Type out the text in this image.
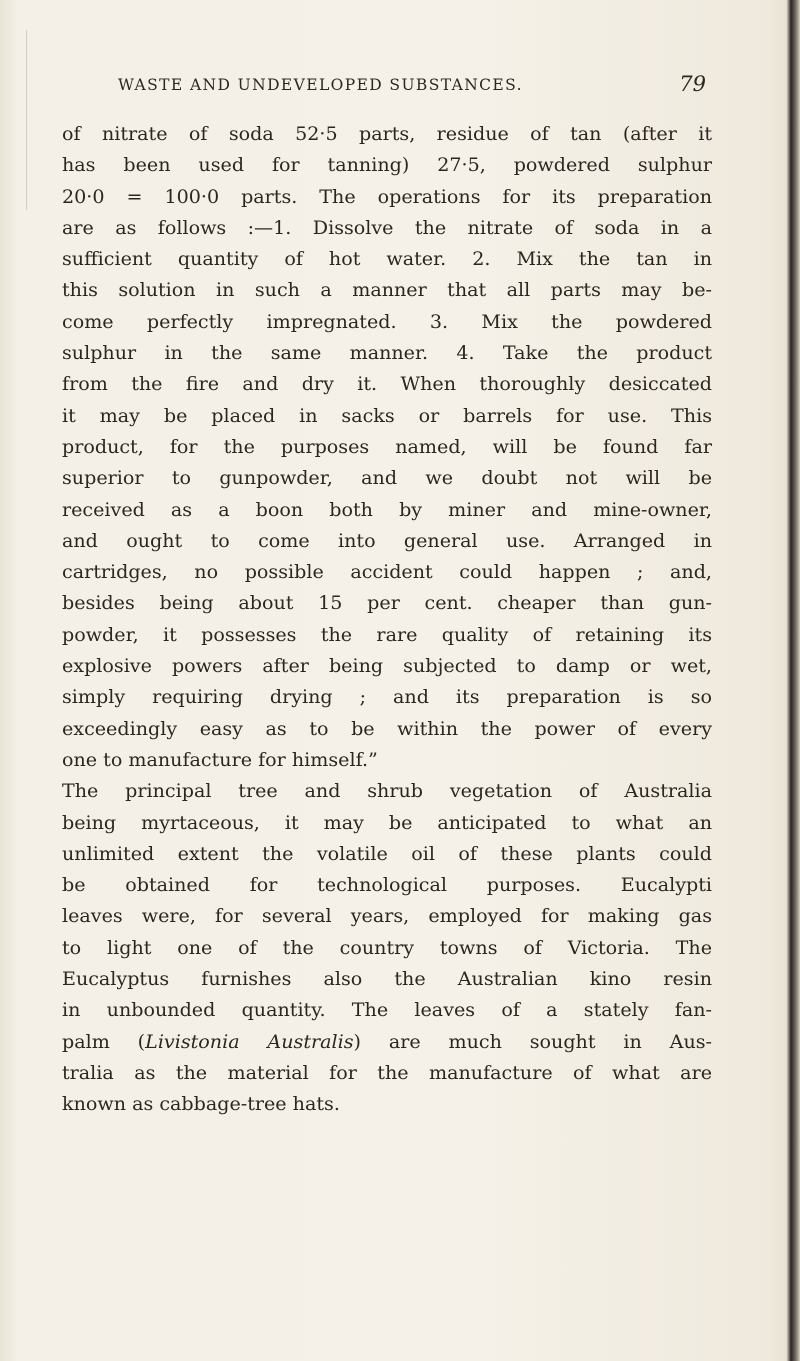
WASTE AND UNDEVELOPED SUBSTANCES.	79
of nitrate of soda 52·5 parts, residue of tan (after it
has been used for tanning) 27·5, powdered sulphur
20·0 = 100·0 parts. The operations for its preparation
are as follows :—1. Dissolve the nitrate of soda in a
sufficient quantity of hot water. 2. Mix the tan in
this solution in such a manner that all parts may be-
come perfectly impregnated. 3. Mix the powdered
sulphur in the same manner. 4. Take the product
from the fire and dry it. When thoroughly desiccated
it may be placed in sacks or barrels for use. This
product, for the purposes named, will be found far
superior to gunpowder, and we doubt not will be
received as a boon both by miner and mine-owner,
and ought to come into general use. Arranged in
cartridges, no possible accident could happen ; and,
besides being about 15 per cent. cheaper than gun-
powder, it possesses the rare quality of retaining its
explosive powers after being subjected to damp or wet,
simply requiring drying ; and its preparation is so
exceedingly easy as to be within the power of every
one to manufacture for himself.”
The principal tree and shrub vegetation of Australia
being myrtaceous, it may be anticipated to what an
unlimited extent the volatile oil of these plants could
be obtained for technological purposes. Eucalypti
leaves were, for several years, employed for making gas
to light one of the country towns of Victoria. The
Eucalyptus furnishes also the Australian kino resin
in unbounded quantity. The leaves of a stately fan-
palm (Livistonia Australis) are much sought in Aus-
tralia as the material for the manufacture of what are
known as cabbage-tree hats.
